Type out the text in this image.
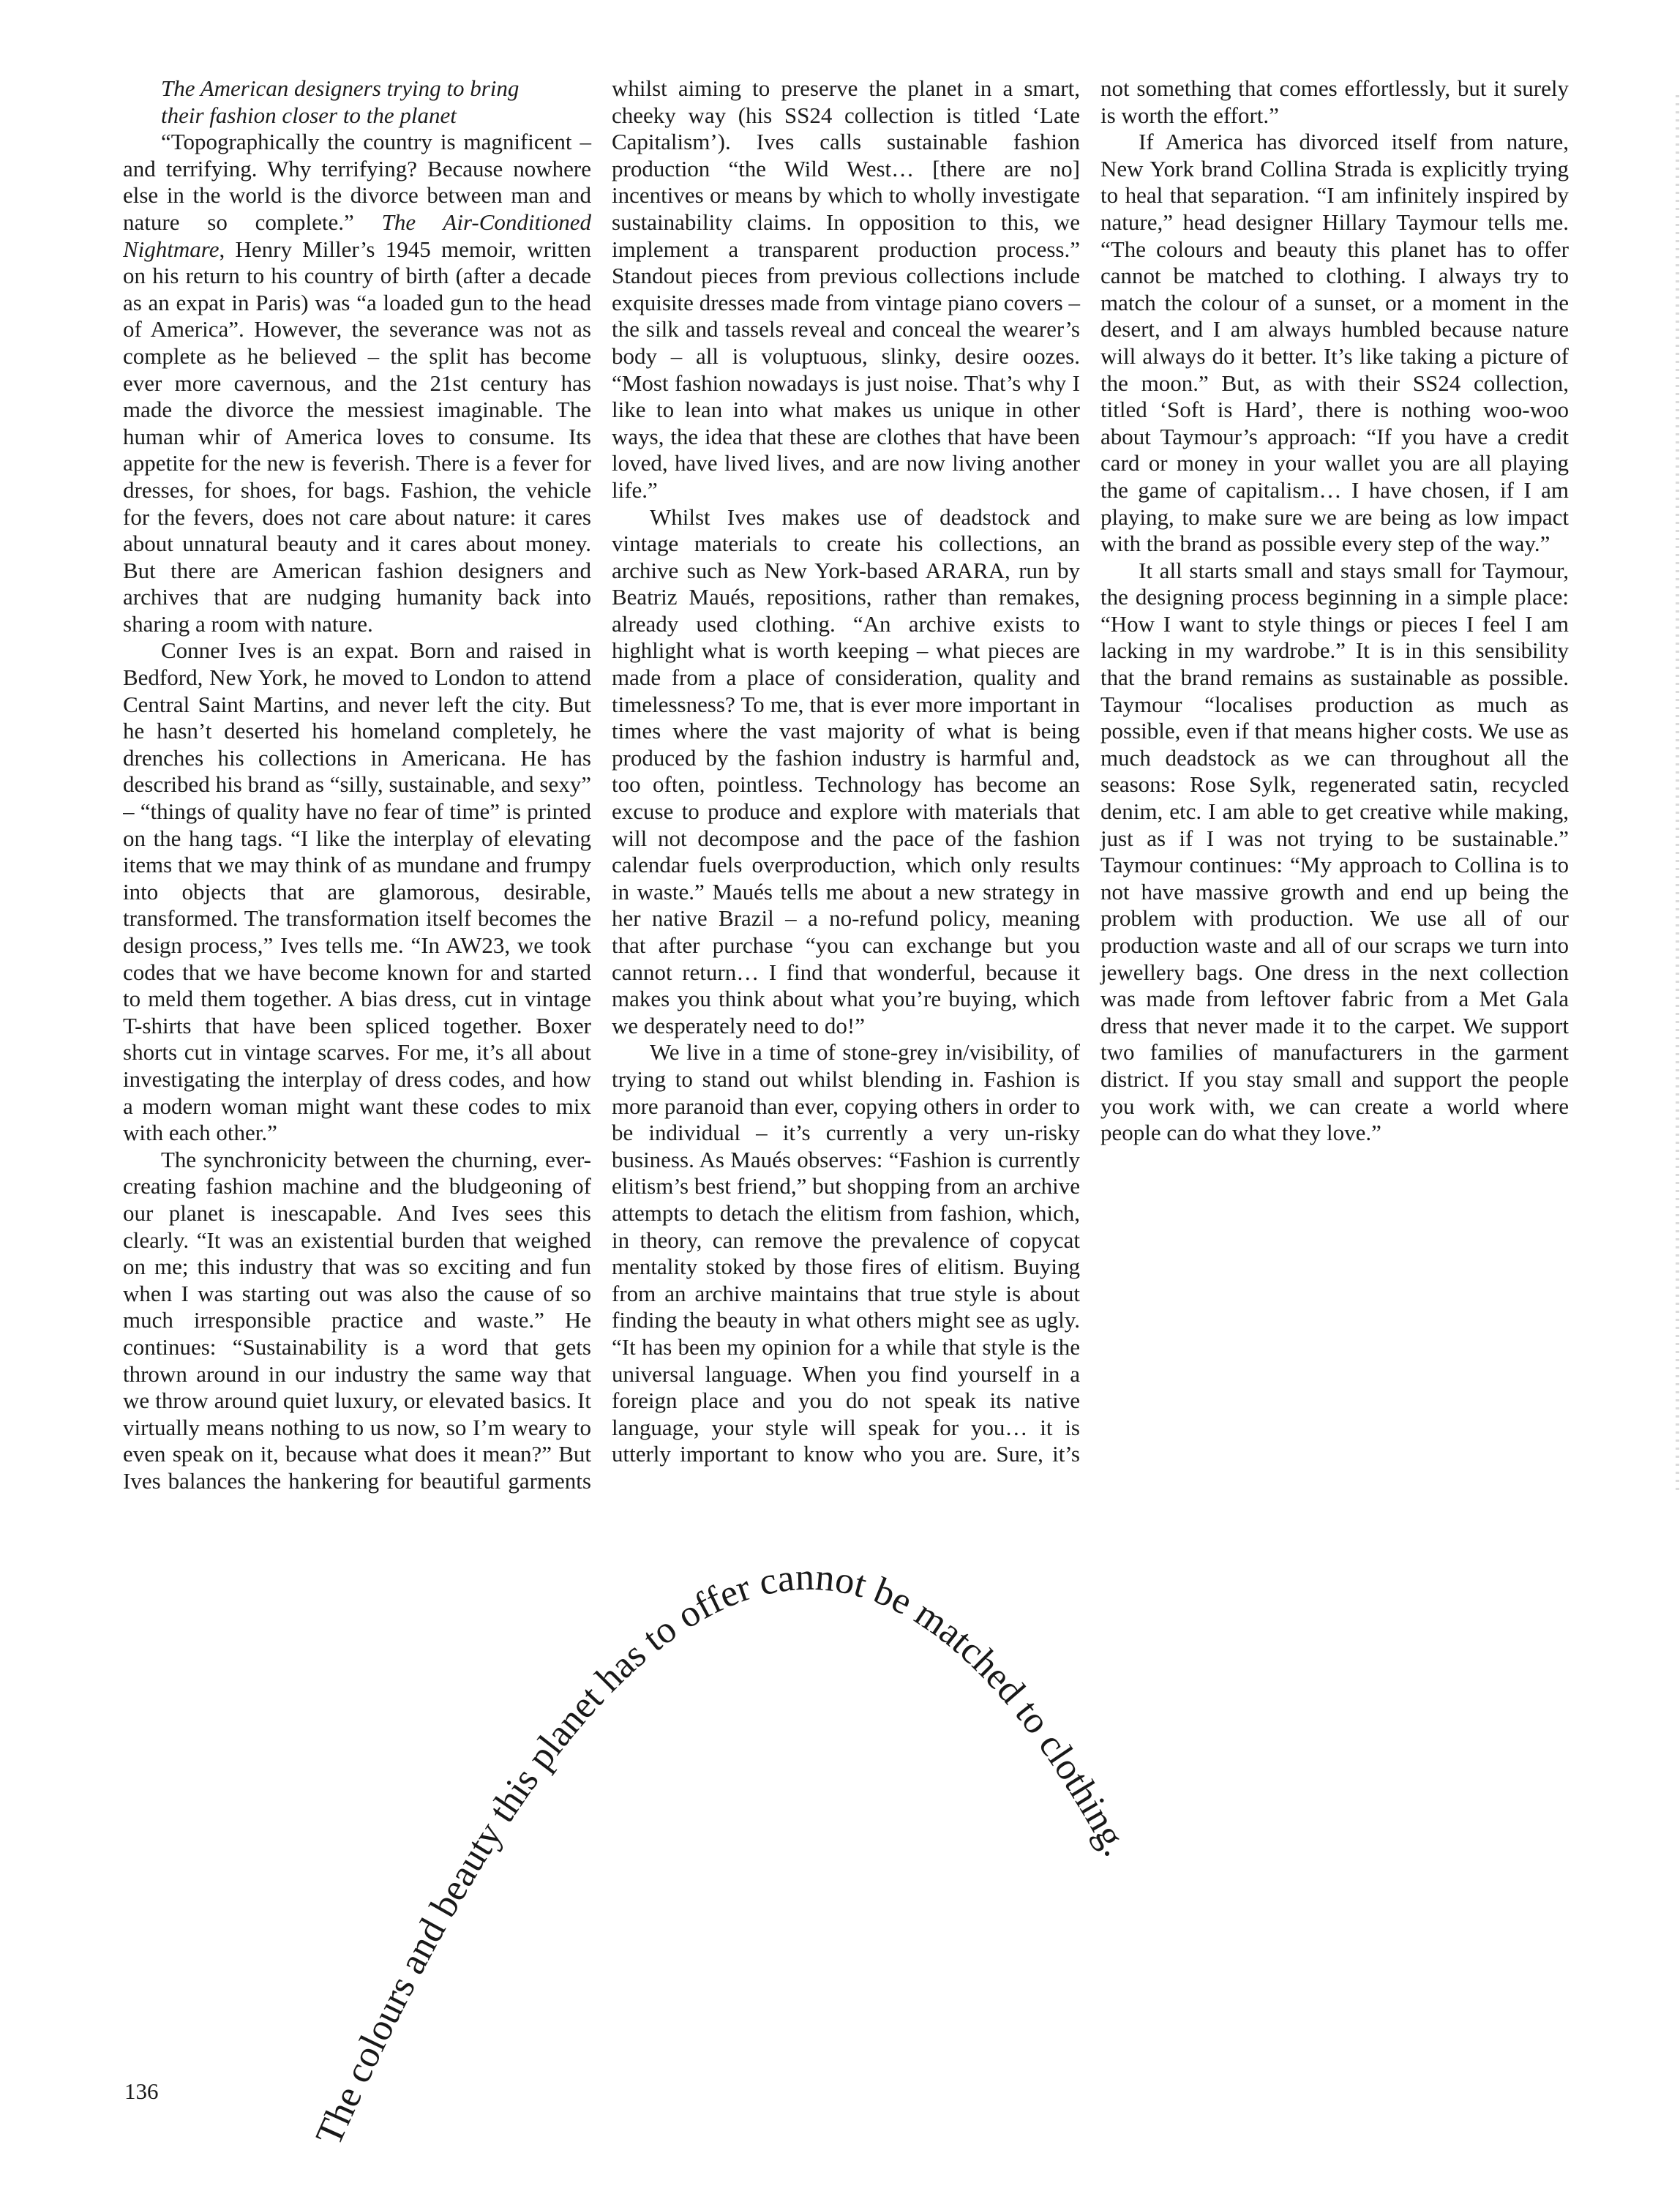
The American designers trying to bring
their fashion closer to the planet

“Topographically the country is magnificent – and terrifying. Why terrifying? Because nowhere else in the world is the divorce between man and nature so complete.” The Air-Conditioned Nightmare, Henry Miller’s 1945 memoir, written on his return to his country of birth (after a decade as an expat in Paris) was “a loaded gun to the head of America”. However, the severance was not as complete as he believed – the split has become ever more cavernous, and the 21st century has made the divorce the messiest imaginable. The human whir of America loves to consume. Its appetite for the new is feverish. There is a fever for dresses, for shoes, for bags. Fashion, the vehicle for the fevers, does not care about nature: it cares about unnatural beauty and it cares about money. But there are American fashion designers and archives that are nudging humanity back into sharing a room with nature.

Conner Ives is an expat. Born and raised in Bedford, New York, he moved to London to attend Central Saint Martins, and never left the city. But he hasn’t deserted his homeland completely, he drenches his collections in Americana. He has described his brand as “silly, sustainable, and sexy” – “things of quality have no fear of time” is printed on the hang tags. “I like the interplay of elevating items that we may think of as mundane and frumpy into objects that are glamorous, desirable, transformed. The transformation itself becomes the design process,” Ives tells me. “In AW23, we took codes that we have become known for and started to meld them together. A bias dress, cut in vintage T-shirts that have been spliced together. Boxer shorts cut in vintage scarves. For me, it’s all about investigating the interplay of dress codes, and how a modern woman might want these codes to mix with each other.”

The synchronicity between the churning, ever-creating fashion machine and the bludgeoning of our planet is inescapable. And Ives sees this clearly. “It was an existential burden that weighed on me; this industry that was so exciting and fun when I was starting out was also the cause of so much irresponsible practice and waste.” He continues: “Sustainability is a word that gets thrown around in our industry the same way that we throw around quiet luxury, or elevated basics. It virtually means nothing to us now, so I’m weary to even speak on it, because what does it mean?” But Ives balances the hankering for beautiful garments whilst aiming to preserve the planet in a smart, cheeky way (his SS24 collection is titled ‘Late Capitalism’). Ives calls sustainable fashion production “the Wild West… [there are no] incentives or means by which to wholly investigate sustainability claims. In opposition to this, we implement a transparent production process.” Standout pieces from previous collections include exquisite dresses made from vintage piano covers – the silk and tassels reveal and conceal the wearer’s body – all is voluptuous, slinky, desire oozes. “Most fashion nowadays is just noise. That’s why I like to lean into what makes us unique in other ways, the idea that these are clothes that have been loved, have lived lives, and are now living another life.”

Whilst Ives makes use of deadstock and vintage materials to create his collections, an archive such as New York-based ARARA, run by Beatriz Maués, repositions, rather than remakes, already used clothing. “An archive exists to highlight what is worth keeping – what pieces are made from a place of consideration, quality and timelessness? To me, that is ever more important in times where the vast majority of what is being produced by the fashion industry is harmful and, too often, pointless. Technology has become an excuse to produce and explore with materials that will not decompose and the pace of the fashion calendar fuels overproduction, which only results in waste.” Maués tells me about a new strategy in her native Brazil – a no-refund policy, meaning that after purchase “you can exchange but you cannot return… I find that wonderful, because it makes you think about what you’re buying, which we desperately need to do!”

We live in a time of stone-grey in/visibility, of trying to stand out whilst blending in. Fashion is more paranoid than ever, copying others in order to be individual – it’s currently a very un-risky business. As Maués observes: “Fashion is currently elitism’s best friend,” but shopping from an archive attempts to detach the elitism from fashion, which, in theory, can remove the prevalence of copycat mentality stoked by those fires of elitism. Buying from an archive maintains that true style is about finding the beauty in what others might see as ugly. “It has been my opinion for a while that style is the universal language. When you find yourself in a foreign place and you do not speak its native language, your style will speak for you… it is utterly important to know who you are. Sure, it’s not something that comes effortlessly, but it surely is worth the effort.”

If America has divorced itself from nature, New York brand Collina Strada is explicitly trying to heal that separation. “I am infinitely inspired by nature,” head designer Hillary Taymour tells me. “The colours and beauty this planet has to offer cannot be matched to clothing. I always try to match the colour of a sunset, or a moment in the desert, and I am always humbled because nature will always do it better. It’s like taking a picture of the moon.” But, as with their SS24 collection, titled ‘Soft is Hard’, there is nothing woo-woo about Taymour’s approach: “If you have a credit card or money in your wallet you are all playing the game of capitalism… I have chosen, if I am playing, to make sure we are being as low impact with the brand as possible every step of the way.”

It all starts small and stays small for Taymour, the designing process beginning in a simple place: “How I want to style things or pieces I feel I am lacking in my wardrobe.” It is in this sensibility that the brand remains as sustainable as possible. Taymour “localises production as much as possible, even if that means higher costs. We use as much deadstock as we can throughout all the seasons: Rose Sylk, regenerated satin, recycled denim, etc. I am able to get creative while making, just as if I was not trying to be sustainable.” Taymour continues: “My approach to Collina is to not have massive growth and end up being the problem with production. We use all of our production waste and all of our scraps we turn into jewellery bags. One dress in the next collection was made from leftover fabric from a Met Gala dress that never made it to the carpet. We support two families of manufacturers in the garment district. If you stay small and support the people you work with, we can create a world where people can do what they love.”

The colours and beauty this planet has to offer cannot be matched to clothing.
136
